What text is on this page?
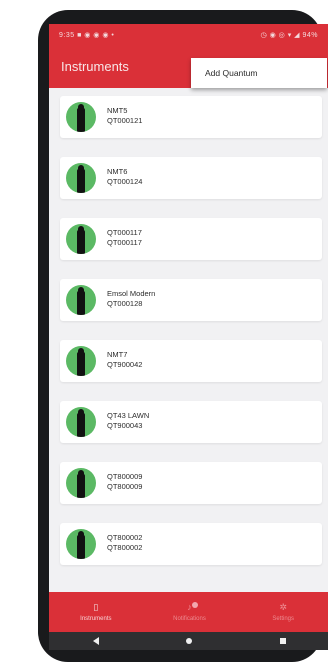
9:35 ■ ◉ ◉ ◉ •	◷ ◉ ◎ ▾ ◢ 94%
Instruments
NMT5
QT000121
NMT6
QT000124
QT000117
QT000117
Emsol Modern
QT000128
NMT7
QT900042
QT43 LAWN
QT900043
QT800009
QT800009
QT800002
QT800002
Add Quantum
▯
Instruments
♪
Notifications
✲
Settings
